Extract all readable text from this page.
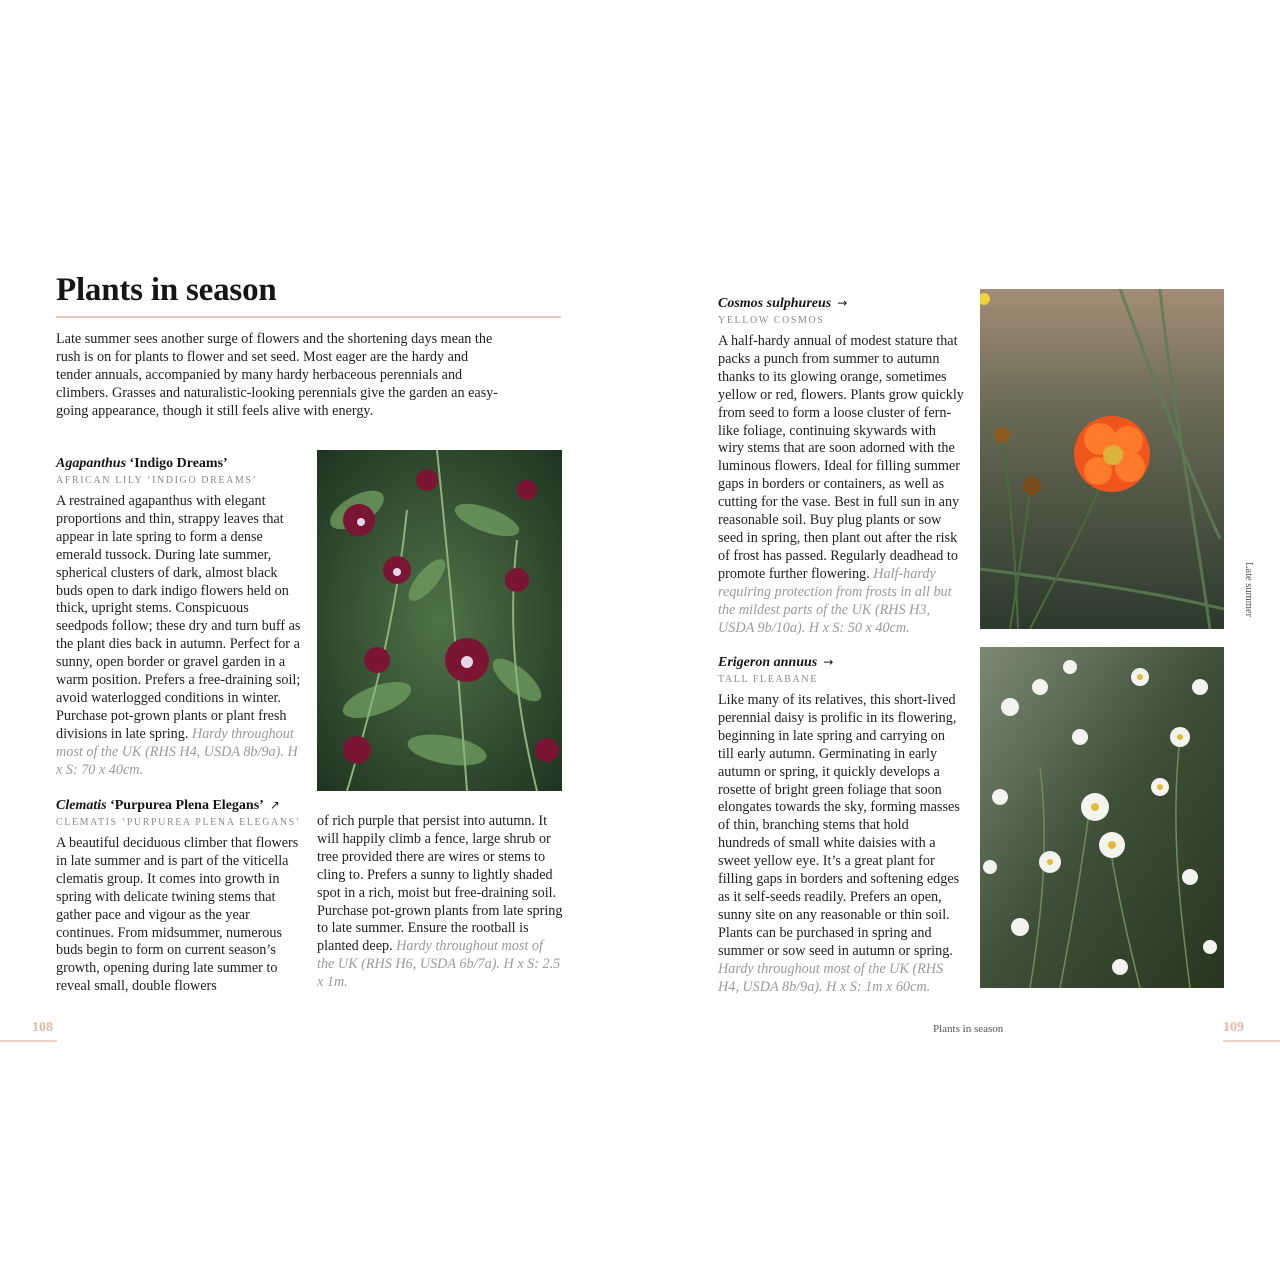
Plants in season
Late summer sees another surge of flowers and the shortening days mean the rush is on for plants to flower and set seed. Most eager are the hardy and tender annuals, accompanied by many hardy herbaceous perennials and climbers. Grasses and naturalistic-looking perennials give the garden an easy-going appearance, though it still feels alive with energy.
Agapanthus ‘Indigo Dreams’
AFRICAN LILY ‘INDIGO DREAMS’
A restrained agapanthus with elegant proportions and thin, strappy leaves that appear in late spring to form a dense emerald tussock. During late summer, spherical clusters of dark, almost black buds open to dark indigo flowers held on thick, upright stems. Conspicuous seedpods follow; these dry and turn buff as the plant dies back in autumn. Perfect for a sunny, open border or gravel garden in a warm position. Prefers a free-draining soil; avoid waterlogged conditions in winter. Purchase pot-grown plants or plant fresh divisions in late spring. Hardy throughout most of the UK (RHS H4, USDA 8b/9a). H x S: 70 x 40cm.
Clematis ‘Purpurea Plena Elegans’ ↗
CLEMATIS ‘PURPUREA PLENA ELEGANS’
A beautiful deciduous climber that flowers in late summer and is part of the viticella clematis group. It comes into growth in spring with delicate twining stems that gather pace and vigour as the year continues. From midsummer, numerous buds begin to form on current season’s growth, opening during late summer to reveal small, double flowers
of rich purple that persist into autumn. It will happily climb a fence, large shrub or tree provided there are wires or stems to cling to. Prefers a sunny to lightly shaded spot in a rich, moist but free-draining soil. Purchase pot-grown plants from late spring to late summer. Ensure the rootball is planted deep. Hardy throughout most of the UK (RHS H6, USDA 6b/7a). H x S: 2.5 x 1m.
108
Cosmos sulphureus →
YELLOW COSMOS
A half-hardy annual of modest stature that packs a punch from summer to autumn thanks to its glowing orange, sometimes yellow or red, flowers. Plants grow quickly from seed to form a loose cluster of fern-like foliage, continuing skywards with wiry stems that are soon adorned with the luminous flowers. Ideal for filling summer gaps in borders or containers, as well as cutting for the vase. Best in full sun in any reasonable soil. Buy plug plants or sow seed in spring, then plant out after the risk of frost has passed. Regularly deadhead to promote further flowering. Half-hardy requiring protection from frosts in all but the mildest parts of the UK (RHS H3, USDA 9b/10a). H x S: 50 x 40cm.
Erigeron annuus →
TALL FLEABANE
Like many of its relatives, this short-lived perennial daisy is prolific in its flowering, beginning in late spring and carrying on till early autumn. Germinating in early autumn or spring, it quickly develops a rosette of bright green foliage that soon elongates towards the sky, forming masses of thin, branching stems that hold hundreds of small white daisies with a sweet yellow eye. It’s a great plant for filling gaps in borders and softening edges as it self-seeds readily. Prefers an open, sunny site on any reasonable or thin soil. Plants can be purchased in spring and summer or sow seed in autumn or spring. Hardy throughout most of the UK (RHS H4, USDA 8b/9a). H x S: 1m x 60cm.
Plants in season
Late summer
109
